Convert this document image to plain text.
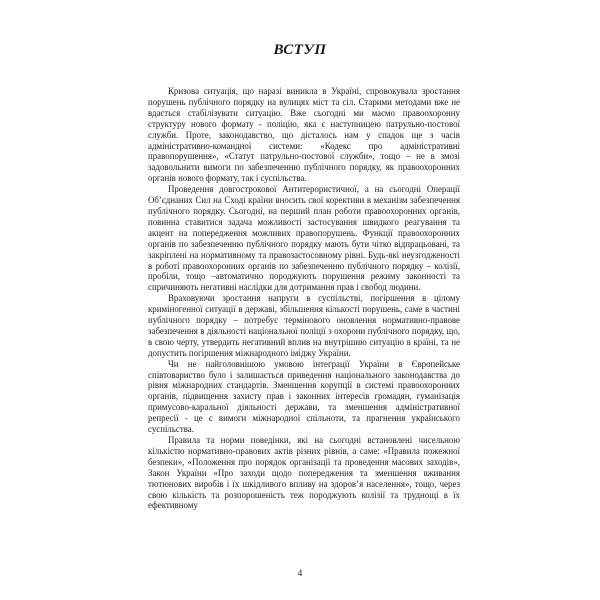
ВСТУП

Кризова ситуація, що наразі виникла в Україні, спровокувала зростання порушень публічного порядку на вулицях міст та сіл. Старими методами вже не вдається стабілізувати ситуацію. Вже сьогодні ми маємо правоохоронну структуру нового формату - поліцію, яка є наступницею патрульно-постової служби. Проте, законодавство, що дісталось нам у спадок ще з часів адміністративно-командної системи: «Кодекс про адміністративні правопорушення», «Статут патрульно-постової служби», тощо – не в змозі задовольнити вимоги по забезпеченню публічного порядку, як правоохоронних органів нового формату, так і суспільства.

Проведення довгострокової Антитерористичної, а на сьогодні Операції Об’єднаних Сил на Сході країни вносить свої корективи в механізм забезпечення публічного порядку. Сьогодні, на перший план роботи правоохоронних органів, повинна ставитися задача можливості застосування швидкого реагування та акцент на попередження можливих правопорушень. Функції правоохоронних органів по забезпеченню публічного порядку мають бути чітко відпрацьовані, та закріплені на нормативному та правозастосовному рівні. Будь-які неузгодженості в роботі правоохоронних органів по забезпеченню публічного порядку – колізії, пробіли, тощо –автоматично породжують порушення режиму законності та спричиняють негативні наслідки для дотримання прав і свобод людини.

Враховуючи зростання напруги в суспільстві, погіршення в цілому криміногенної ситуації в державі, збільшення кількості порушень, саме в частині публічного порядку – потребує термінового оновлення нормативно-правове забезпечення в діяльності національної поліції з охорони публічного порядку, що, в свою черту, утвердить негативний вплив на внутрішню ситуацію в країні, та не допустить погіршення міжнародного іміджу України.

Чи не найголовнішою умовою інтеграції України в Європейське співтовариство було і залишається приведення національного законодавства до рівня міжнародних стандартів. Зменшення корупції в системі правоохоронних органів, підвищення захисту прав і законних інтересів громадян, гуманізація примусово-каральної діяльності держави, та зменшення адміністративної репресії - це є вимоги міжнародної спільноти, та прагнення українського суспільства.

Правила та норми поведінки, які на сьогодні встановлені чисельною кількістю нормативно-правових актів різних рівнів, а саме: «Правила пожежної безпеки», «Положення про порядок організації та проведення масових заходів», Закон України «Про заходи щодо попередження та зменшення вживання тютюнових виробів і їх шкідливого впливу на здоров’я населення», тощо, через свою кількість та розпорошеність теж породжують колізії та труднощі в їх ефективному

4
